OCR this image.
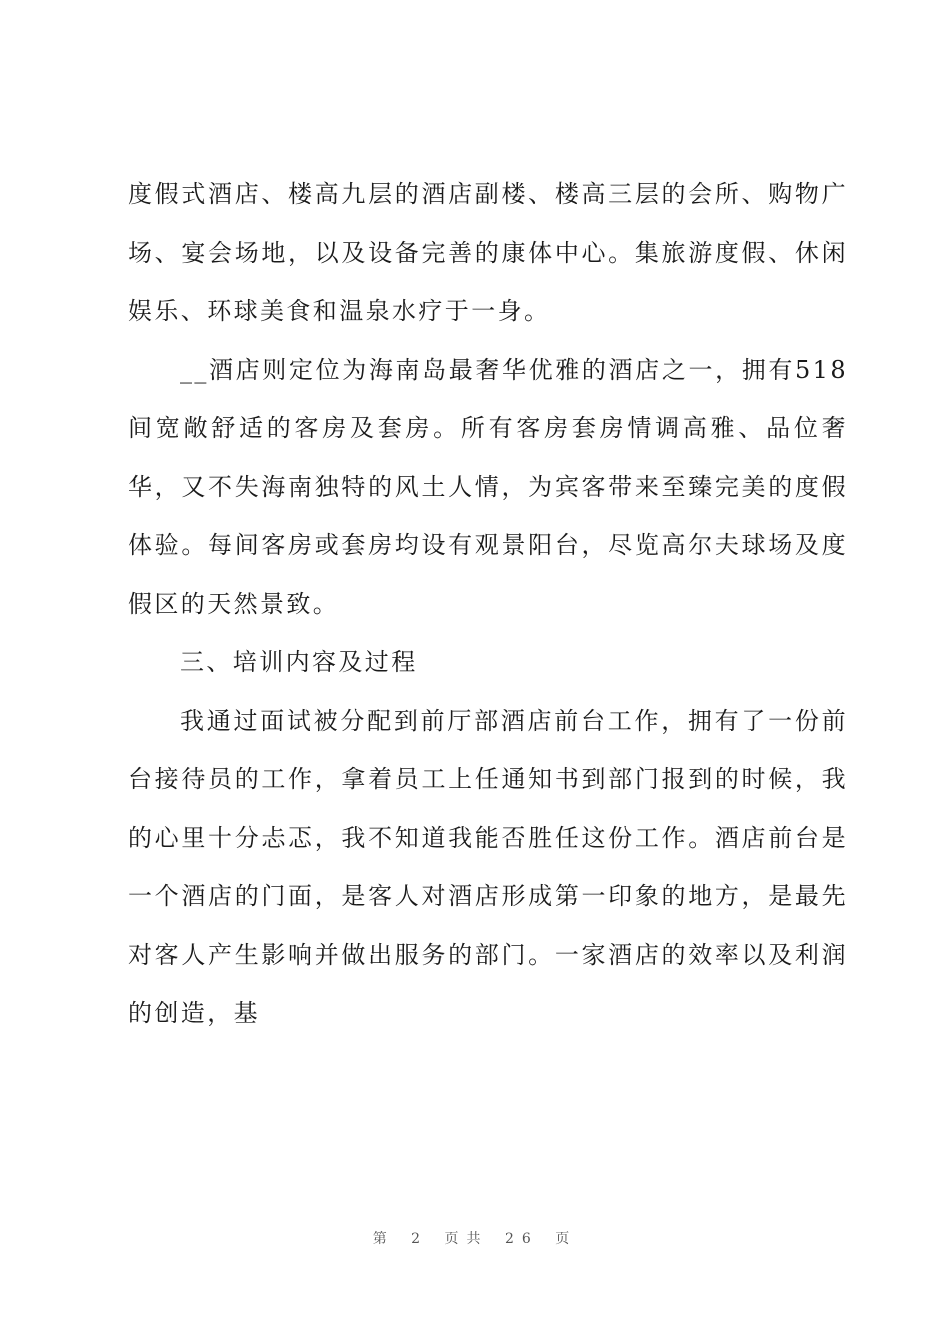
度假式酒店、楼高九层的酒店副楼、楼高三层的会所、购物广场、宴会场地，以及设备完善的康体中心。集旅游度假、休闲娱乐、环球美食和温泉水疗于一身。

__酒店则定位为海南岛最奢华优雅的酒店之一，拥有518间宽敞舒适的客房及套房。所有客房套房情调高雅、品位奢华，又不失海南独特的风土人情，为宾客带来至臻完美的度假体验。每间客房或套房均设有观景阳台，尽览高尔夫球场及度假区的天然景致。

三、培训内容及过程

我通过面试被分配到前厅部酒店前台工作，拥有了一份前台接待员的工作，拿着员工上任通知书到部门报到的时候，我的心里十分忐忑，我不知道我能否胜任这份工作。酒店前台是一个酒店的门面，是客人对酒店形成第一印象的地方，是最先对客人产生影响并做出服务的部门。一家酒店的效率以及利润的创造，基

第 2 页共 26 页
